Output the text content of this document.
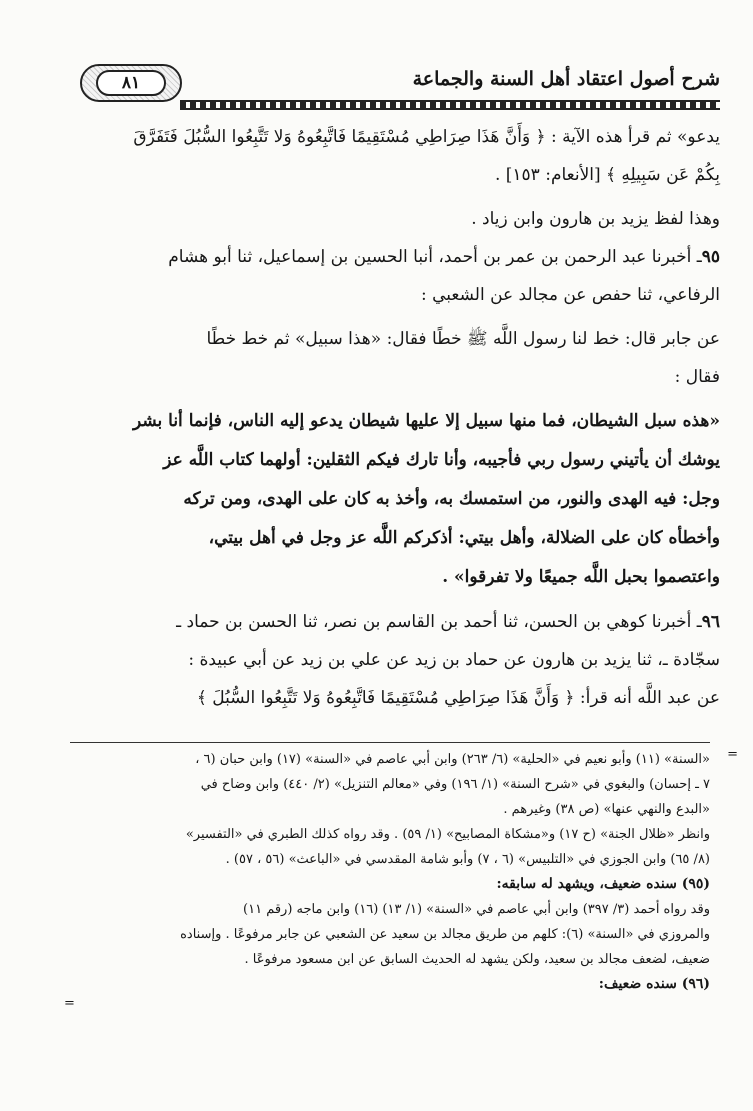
٨١	شرح أصول اعتقاد أهل السنة والجماعة

يدعو» ثم قرأ هذه الآية : ﴿ وَأَنَّ هَذَا صِرَاطِي مُسْتَقِيمًا فَاتَّبِعُوهُ وَلا تَتَّبِعُوا السُّبُلَ فَتَفَرَّقَ

بِكُمْ عَن سَبِيلِهِ ﴾ [الأنعام: ١٥٣] .

وهذا لفظ يزيد بن هارون وابن زياد .

٩٥ـ أخبرنا عبد الرحمن بن عمر بن أحمد، أنبا الحسين بن إسماعيل، ثنا أبو هشام

الرفاعي، ثنا حفص عن مجالد عن الشعبي :

عن جابر قال: خط لنا رسول اللَّه ﷺ خطًا فقال: «هذا سبيل» ثم خط خطًا

فقال :

«هذه سبل الشيطان، فما منها سبيل إلا عليها شيطان يدعو إليه الناس، فإنما أنا بشر

يوشك أن يأتيني رسول ربي فأجيبه، وأنا تارك فيكم الثقلين: أولهما كتاب اللَّه عز

وجل: فيه الهدى والنور، من استمسك به، وأخذ به كان على الهدى، ومن تركه

وأخطأه كان على الضلالة، وأهل بيتي: أذكركم اللَّه عز وجل في أهل بيتي،

واعتصموا بحبل اللَّه جميعًا ولا تفرقوا» .

٩٦ـ أخبرنا كوهي بن الحسن، ثنا أحمد بن القاسم بن نصر، ثنا الحسن بن حماد ـ

سجّادة ـ، ثنا يزيد بن هارون عن حماد بن زيد عن علي بن زيد عن أبي عبيدة :

عن عبد اللَّه أنه قرأ: ﴿ وَأَنَّ هَذَا صِرَاطِي مُسْتَقِيمًا فَاتَّبِعُوهُ وَلا تَتَّبِعُوا السُّبُلَ ﴾

=

«السنة» (١١) وأبو نعيم في «الحلية» (٦/ ٢٦٣) وابن أبي عاصم في «السنة» (١٧) وابن حبان (٦ ،

٧ ـ إحسان) والبغوي في «شرح السنة» (١/ ١٩٦) وفي «معالم التنزيل» (٢/ ٤٤٠) وابن وضاح في

«البدع والنهي عنها» (ص ٣٨) وغيرهم .

وانظر «ظلال الجنة» (ح ١٧) و«مشكاة المصابيح» (١/ ٥٩) . وقد رواه كذلك الطبري في «التفسير»

(٨/ ٦٥) وابن الجوزي في «التلبيس» (٦ ، ٧) وأبو شامة المقدسي في «الباعث» (٥٦ ، ٥٧) .

(٩٥) سنده ضعيف، ويشهد له سابقه:

وقد رواه أحمد (٣/ ٣٩٧) وابن أبي عاصم في «السنة» (١/ ١٣) (١٦) وابن ماجه (رقم ١١)

والمروزي في «السنة» (٦): كلهم من طريق مجالد بن سعيد عن الشعبي عن جابر مرفوعًا . وإسناده

ضعيف، لضعف مجالد بن سعيد، ولكن يشهد له الحديث السابق عن ابن مسعود مرفوعًا .

(٩٦) سنده ضعيف:

=
